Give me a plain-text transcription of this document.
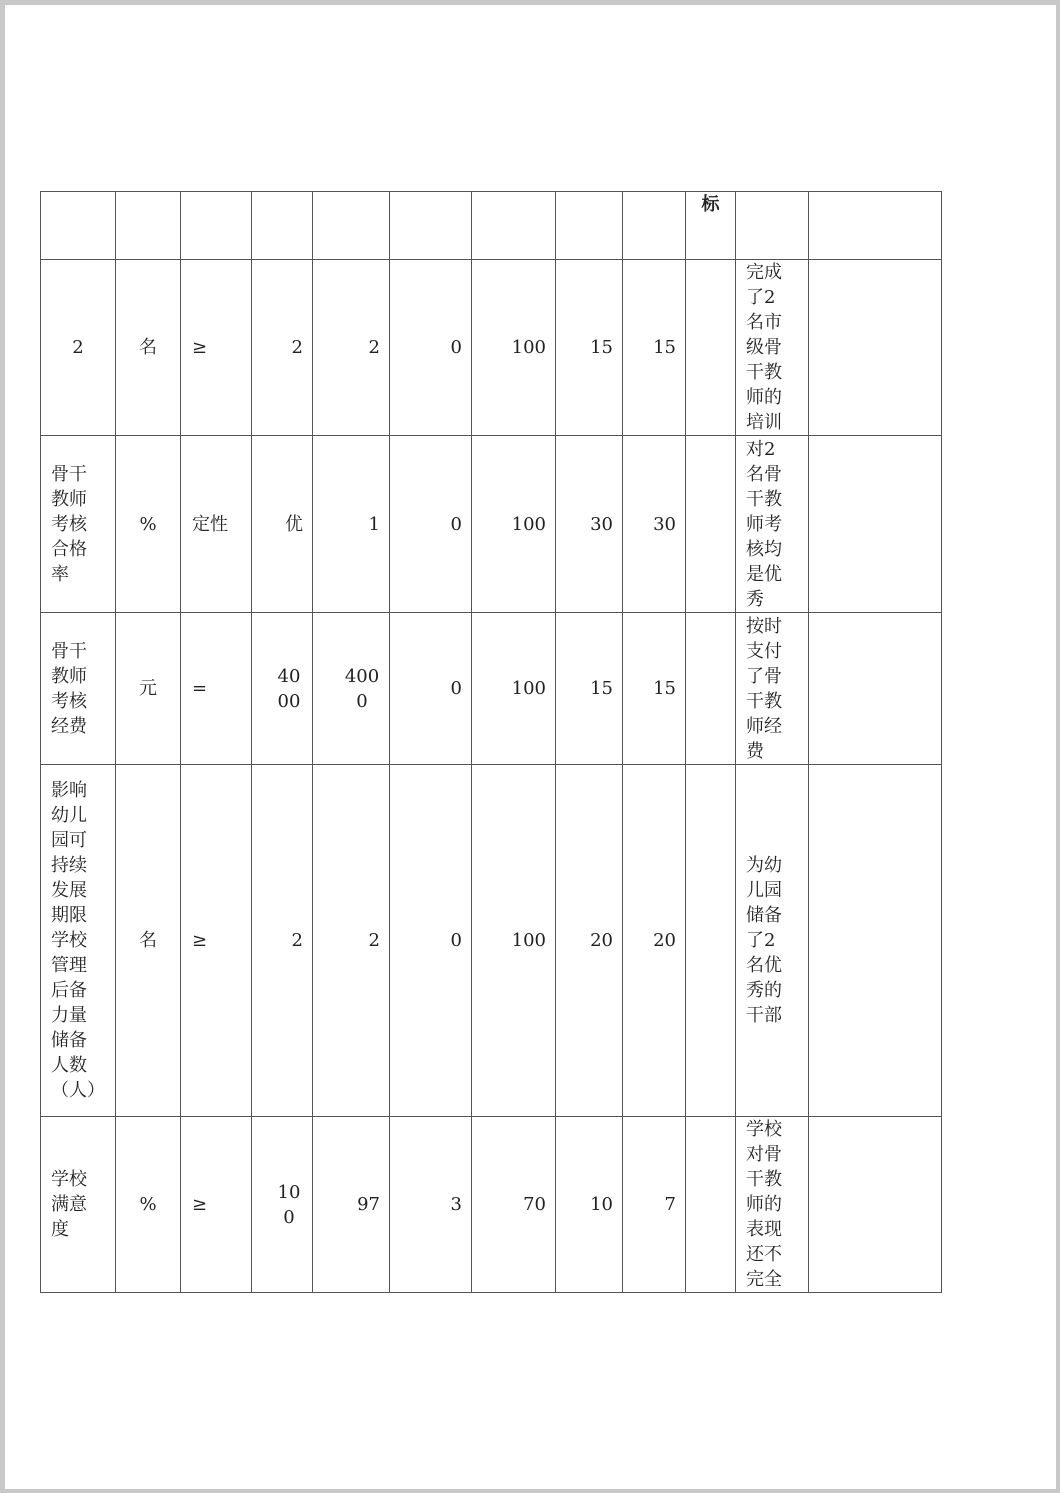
									标		
2	名	≥	2	2	0	100	15	15		完成了2名市级骨干教师的培训	

骨干教师考核合格率	%	定性	优	1	0	100	30	30		对2名骨干教师考核均是优秀	

骨干教师考核经费	元	=	4000	4000	0	100	15	15		按时支付了骨干教师经费	

影响幼儿园可持续发展期限学校管理后备力量储备人数（人）	名	≥	2	2	0	100	20	20		为幼儿园储备了2名优秀的干部	

学校满意度	%	≥	100	97	3	70	10	7		学校对骨干教师的表现还不完全	
